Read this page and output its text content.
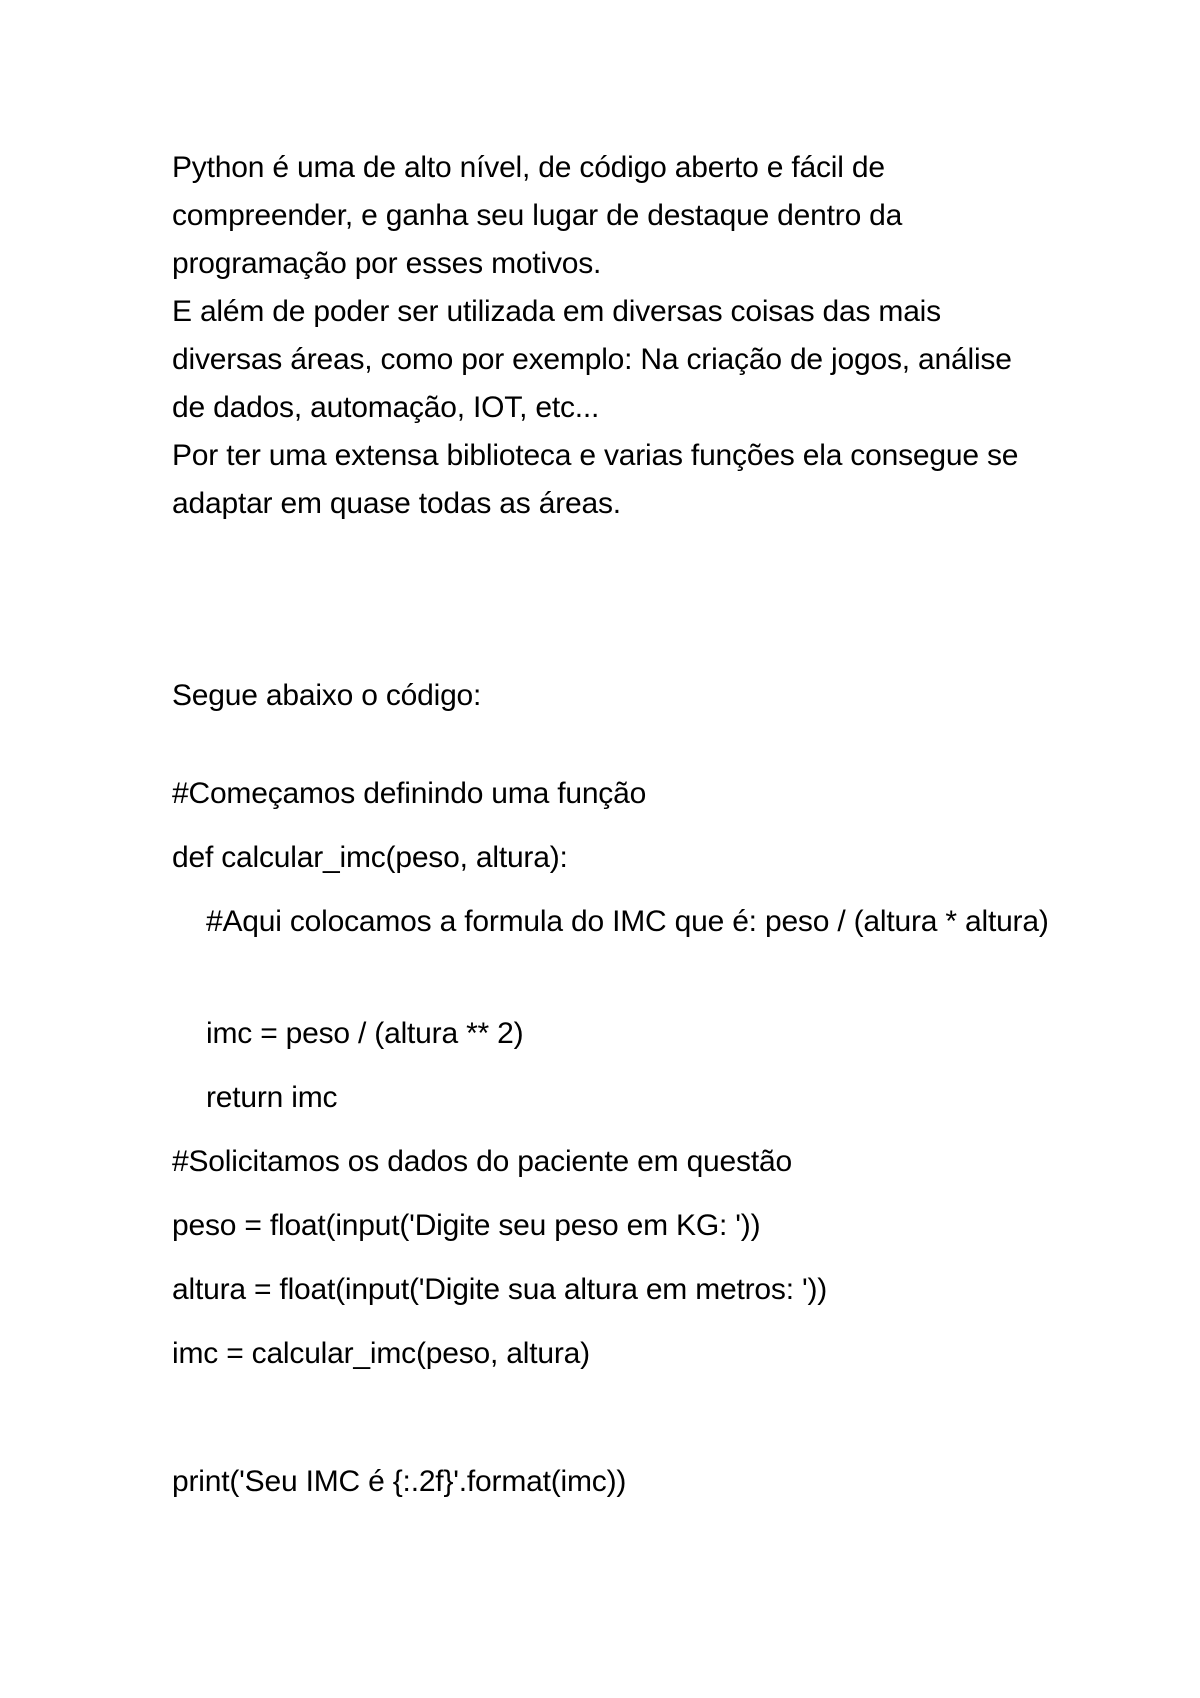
Python é uma de alto nível, de código aberto e fácil de compreender, e ganha seu lugar de destaque dentro da programação por esses motivos.

E além de poder ser utilizada em diversas coisas das mais diversas áreas, como por exemplo: Na criação de jogos, análise de dados, automação, IOT, etc...

Por ter uma extensa biblioteca e varias funções ela consegue se adaptar em quase todas as áreas.

Segue abaixo o código:
#Começamos definindo uma função
def calcular_imc(peso, altura):
#Aqui colocamos a formula do IMC que é: peso / (altura * altura)
imc = peso / (altura ** 2)
return imc
#Solicitamos os dados do paciente em questão
peso = float(input('Digite seu peso em KG: '))
altura = float(input('Digite sua altura em metros: '))
imc = calcular_imc(peso, altura)
print('Seu IMC é {:.2f}'.format(imc))
